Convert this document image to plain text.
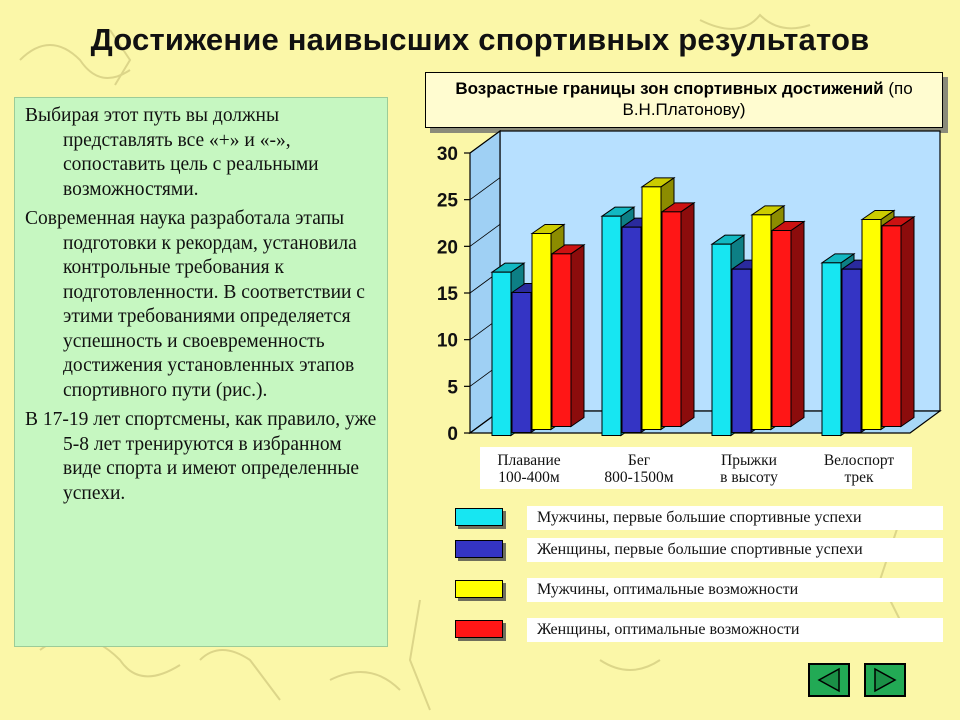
Достижение наивысших спортивных результатов

Выбирая этот путь вы должны представлять все «+» и «-», сопоставить цель с реальными возможностями.

Современная наука разработала этапы подготовки к рекордам, установила контрольные требования к подготовленности. В соответствии с этими требованиями определяется успешность и своевременность достижения установленных этапов спортивного пути (рис.).

В 17-19 лет спортсмены, как правило, уже 5-8 лет тренируются в избранном виде спорта и имеют определенные успехи.

Возрастные границы зон спортивных достижений (по В.Н.Платонову)
0
5
10
15
20
25
30
Плавание
100-400м
Бег
800-1500м
Прыжки
в высоту
Велоспорт
трек
Мужчины, первые большие спортивные успехи
Женщины, первые большие спортивные успехи
Мужчины, оптимальные возможности
Женщины, оптимальные возможности
